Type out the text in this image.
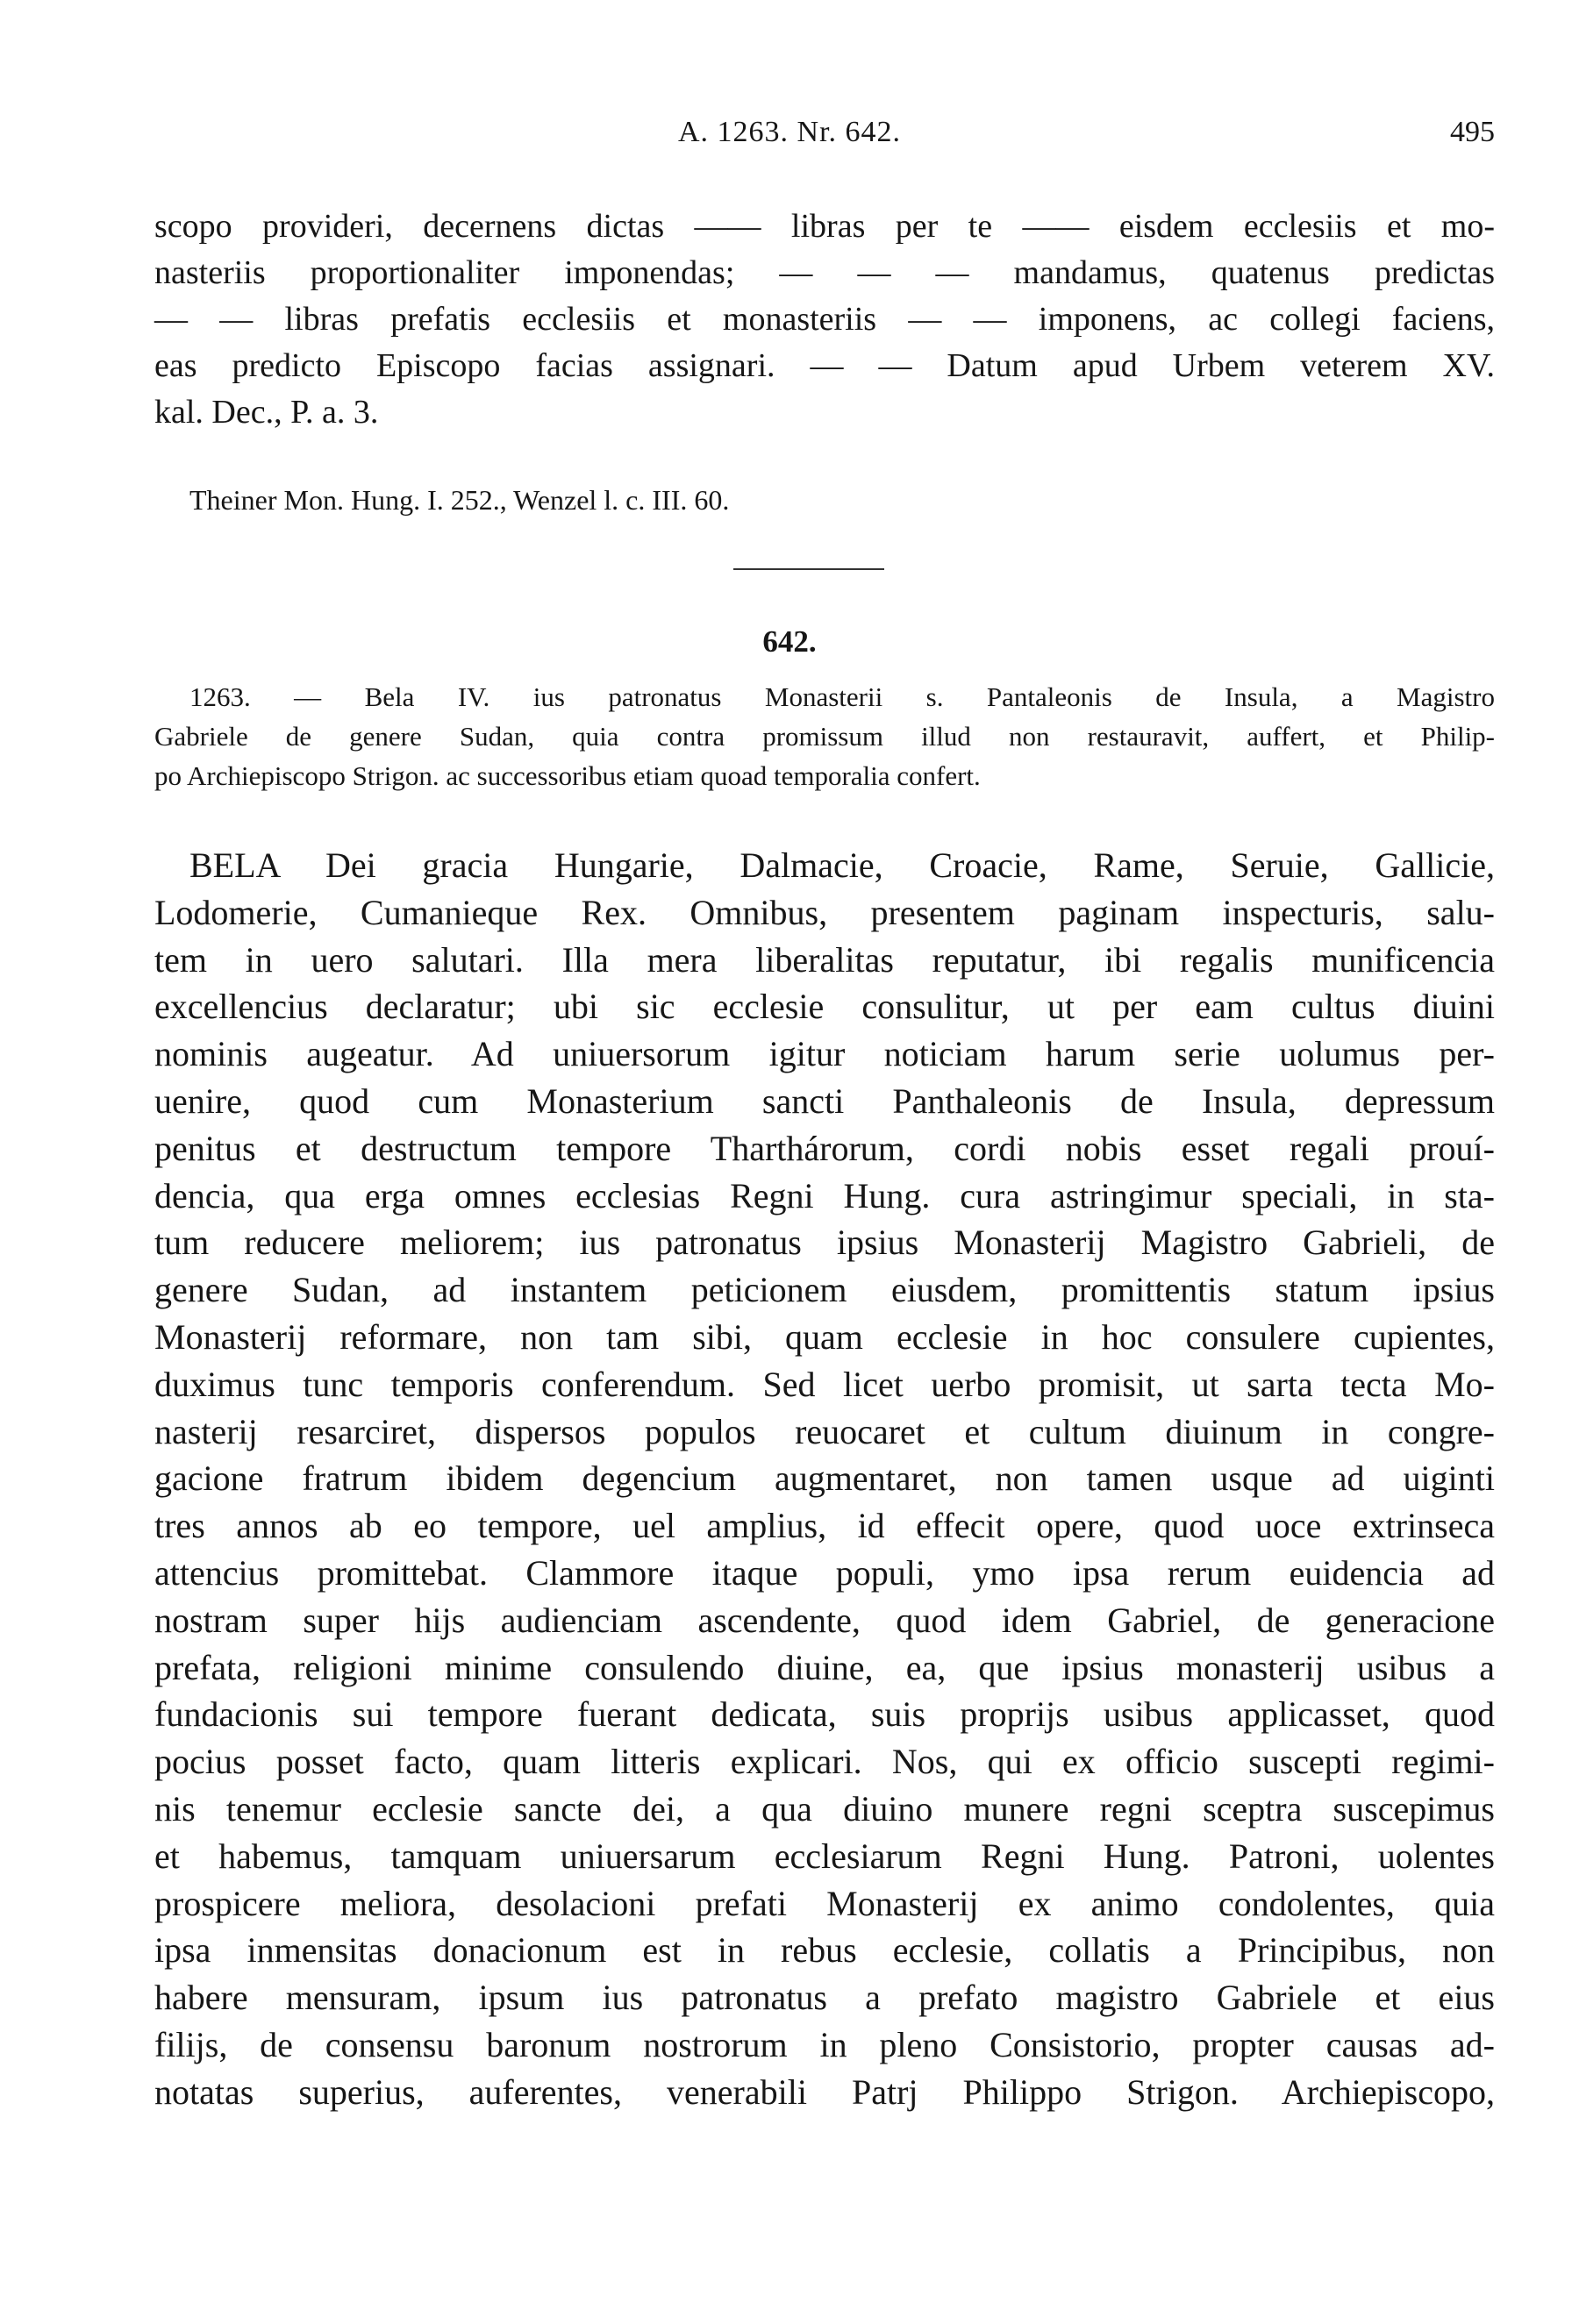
A. 1263. Nr. 642.	495
scopo provideri, decernens dictas —— libras per te —— eisdem ecclesiis et mo-
nasteriis proportionaliter imponendas; — — — mandamus, quatenus predictas
— — libras prefatis ecclesiis et monasteriis — — imponens, ac collegi faciens,
eas predicto Episcopo facias assignari. — — Datum apud Urbem veterem XV.
kal. Dec., P. a. 3.
Theiner Mon. Hung. I. 252., Wenzel l. c. III. 60.
642.
1263. — Bela IV. ius patronatus Monasterii s. Pantaleonis de Insula, a Magistro
Gabriele de genere Sudan, quia contra promissum illud non restauravit, auffert, et Philip-
po Archiepiscopo Strigon. ac successoribus etiam quoad temporalia confert.
BELA Dei gracia Hungarie, Dalmacie, Croacie, Rame, Seruie, Gallicie,
Lodomerie, Cumanieque Rex. Omnibus, presentem paginam inspecturis, salu-
tem in uero salutari. Illa mera liberalitas reputatur, ibi regalis munificencia
excellencius declaratur; ubi sic ecclesie consulitur, ut per eam cultus diuini
nominis augeatur. Ad uniuersorum igitur noticiam harum serie uolumus per-
uenire, quod cum Monasterium sancti Panthaleonis de Insula, depressum
penitus et destructum tempore Tharthárorum, cordi nobis esset regali prouí-
dencia, qua erga omnes ecclesias Regni Hung. cura astringimur speciali, in sta-
tum reducere meliorem; ius patronatus ipsius Monasterij Magistro Gabrieli, de
genere Sudan, ad instantem peticionem eiusdem, promittentis statum ipsius
Monasterij reformare, non tam sibi, quam ecclesie in hoc consulere cupientes,
duximus tunc temporis conferendum. Sed licet uerbo promisit, ut sarta tecta Mo-
nasterij resarciret, dispersos populos reuocaret et cultum diuinum in congre-
gacione fratrum ibidem degencium augmentaret, non tamen usque ad uiginti
tres annos ab eo tempore, uel amplius, id effecit opere, quod uoce extrinseca
attencius promittebat. Clammore itaque populi, ymo ipsa rerum euidencia ad
nostram super hijs audienciam ascendente, quod idem Gabriel, de generacione
prefata, religioni minime consulendo diuine, ea, que ipsius monasterij usibus a
fundacionis sui tempore fuerant dedicata, suis proprijs usibus applicasset, quod
pocius posset facto, quam litteris explicari. Nos, qui ex officio suscepti regimi-
nis tenemur ecclesie sancte dei, a qua diuino munere regni sceptra suscepimus
et habemus, tamquam uniuersarum ecclesiarum Regni Hung. Patroni, uolentes
prospicere meliora, desolacioni prefati Monasterij ex animo condolentes, quia
ipsa inmensitas donacionum est in rebus ecclesie, collatis a Principibus, non
habere mensuram, ipsum ius patronatus a prefato magistro Gabriele et eius
filijs, de consensu baronum nostrorum in pleno Consistorio, propter causas ad-
notatas superius, auferentes, venerabili Patrj Philippo Strigon. Archiepiscopo,
